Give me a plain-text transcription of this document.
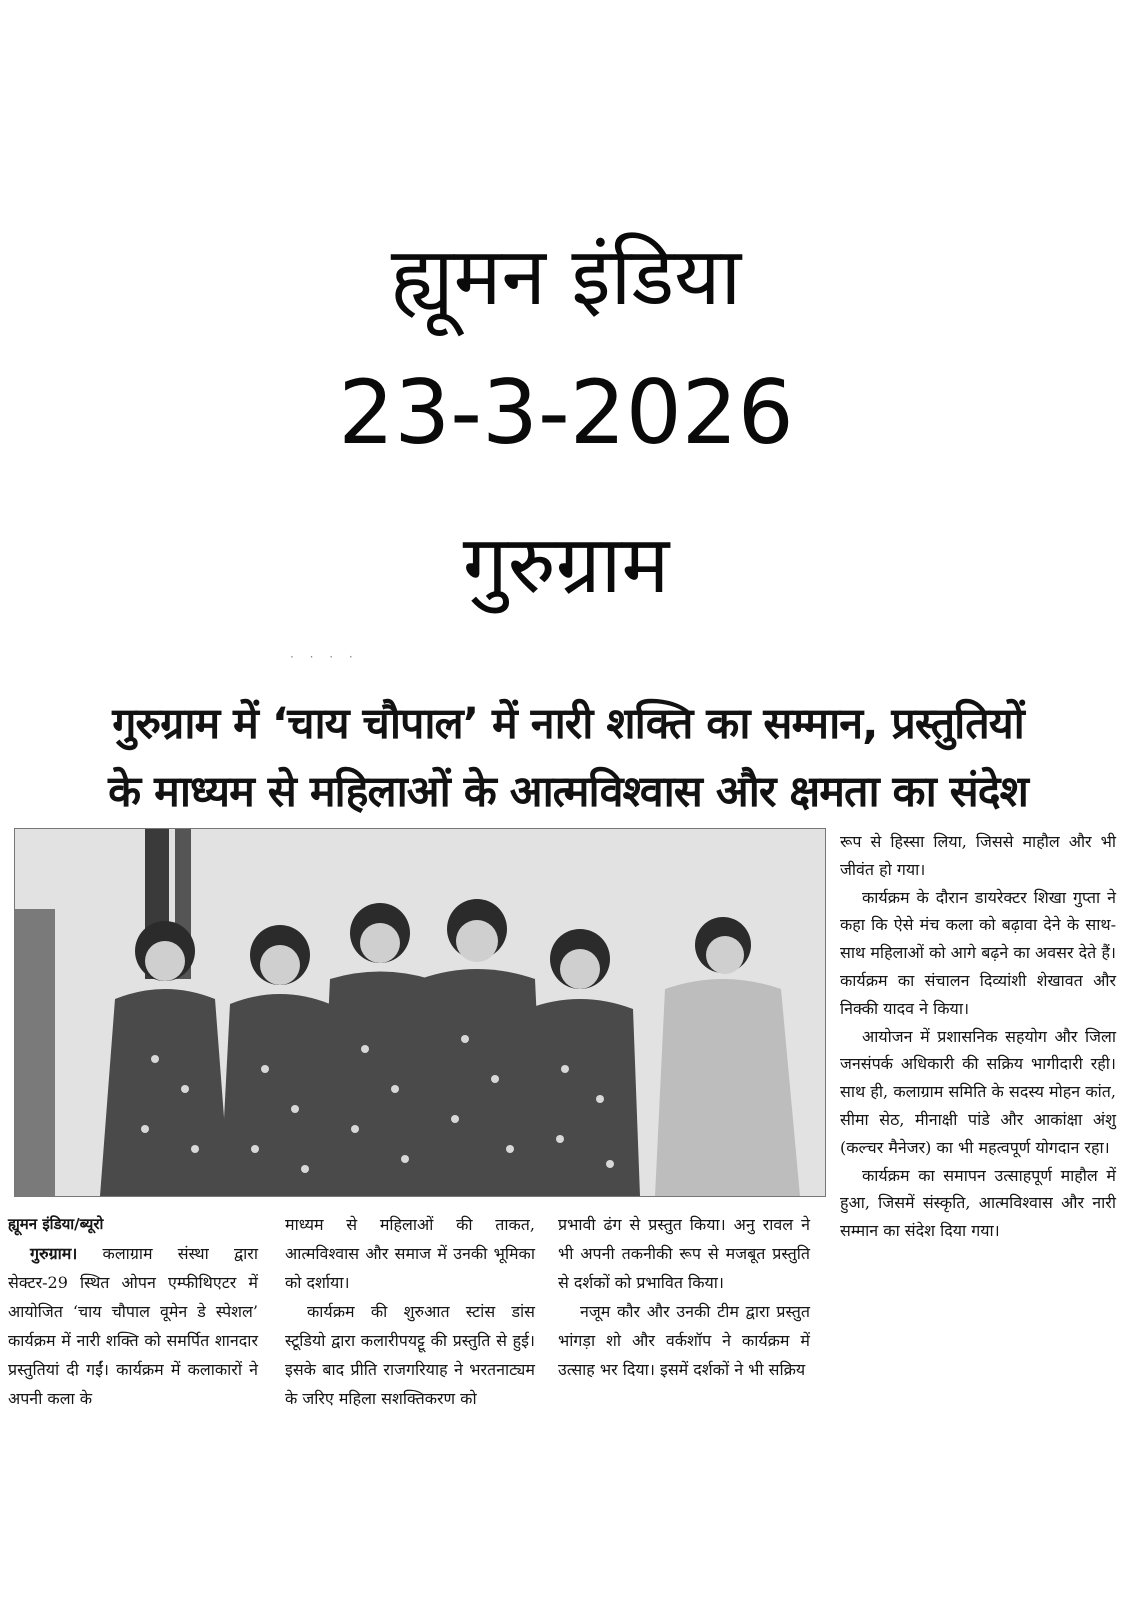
ह्यूमन इंडिया
23-3-2026
गुरुग्राम
· · · ·
गुरुग्राम में ‘चाय चौपाल’ में नारी शक्ति का सम्मान, प्रस्तुतियों
के माध्यम से महिलाओं के आत्मविश्वास और क्षमता का संदेश

ह्यूमन इंडिया/ब्यूरो

गुरुग्राम। कलाग्राम संस्था द्वारा सेक्टर-29 स्थित ओपन एम्फीथिएटर में आयोजित ‘चाय चौपाल वूमेन डे स्पेशल’ कार्यक्रम में नारी शक्ति को समर्पित शानदार प्रस्तुतियां दी गईं। कार्यक्रम में कलाकारों ने अपनी कला के

माध्यम से महिलाओं की ताकत, आत्मविश्वास और समाज में उनकी भूमिका को दर्शाया।

कार्यक्रम की शुरुआत स्टांस डांस स्टूडियो द्वारा कलारीपयट्टू की प्रस्तुति से हुई। इसके बाद प्रीति राजगरियाह ने भरतनाट्यम के जरिए महिला सशक्तिकरण को

प्रभावी ढंग से प्रस्तुत किया। अनु रावल ने भी अपनी तकनीकी रूप से मजबूत प्रस्तुति से दर्शकों को प्रभावित किया।

नजूम कौर और उनकी टीम द्वारा प्रस्तुत भांगड़ा शो और वर्कशॉप ने कार्यक्रम में उत्साह भर दिया। इसमें दर्शकों ने भी सक्रिय

रूप से हिस्सा लिया, जिससे माहौल और भी जीवंत हो गया।

कार्यक्रम के दौरान डायरेक्टर शिखा गुप्ता ने कहा कि ऐसे मंच कला को बढ़ावा देने के साथ-साथ महिलाओं को आगे बढ़ने का अवसर देते हैं। कार्यक्रम का संचालन दिव्यांशी शेखावत और निक्की यादव ने किया।

आयोजन में प्रशासनिक सहयोग और जिला जनसंपर्क अधिकारी की सक्रिय भागीदारी रही। साथ ही, कलाग्राम समिति के सदस्य मोहन कांत, सीमा सेठ, मीनाक्षी पांडे और आकांक्षा अंशु (कल्चर मैनेजर) का भी महत्वपूर्ण योगदान रहा।

कार्यक्रम का समापन उत्साहपूर्ण माहौल में हुआ, जिसमें संस्कृति, आत्मविश्वास और नारी सम्मान का संदेश दिया गया।
